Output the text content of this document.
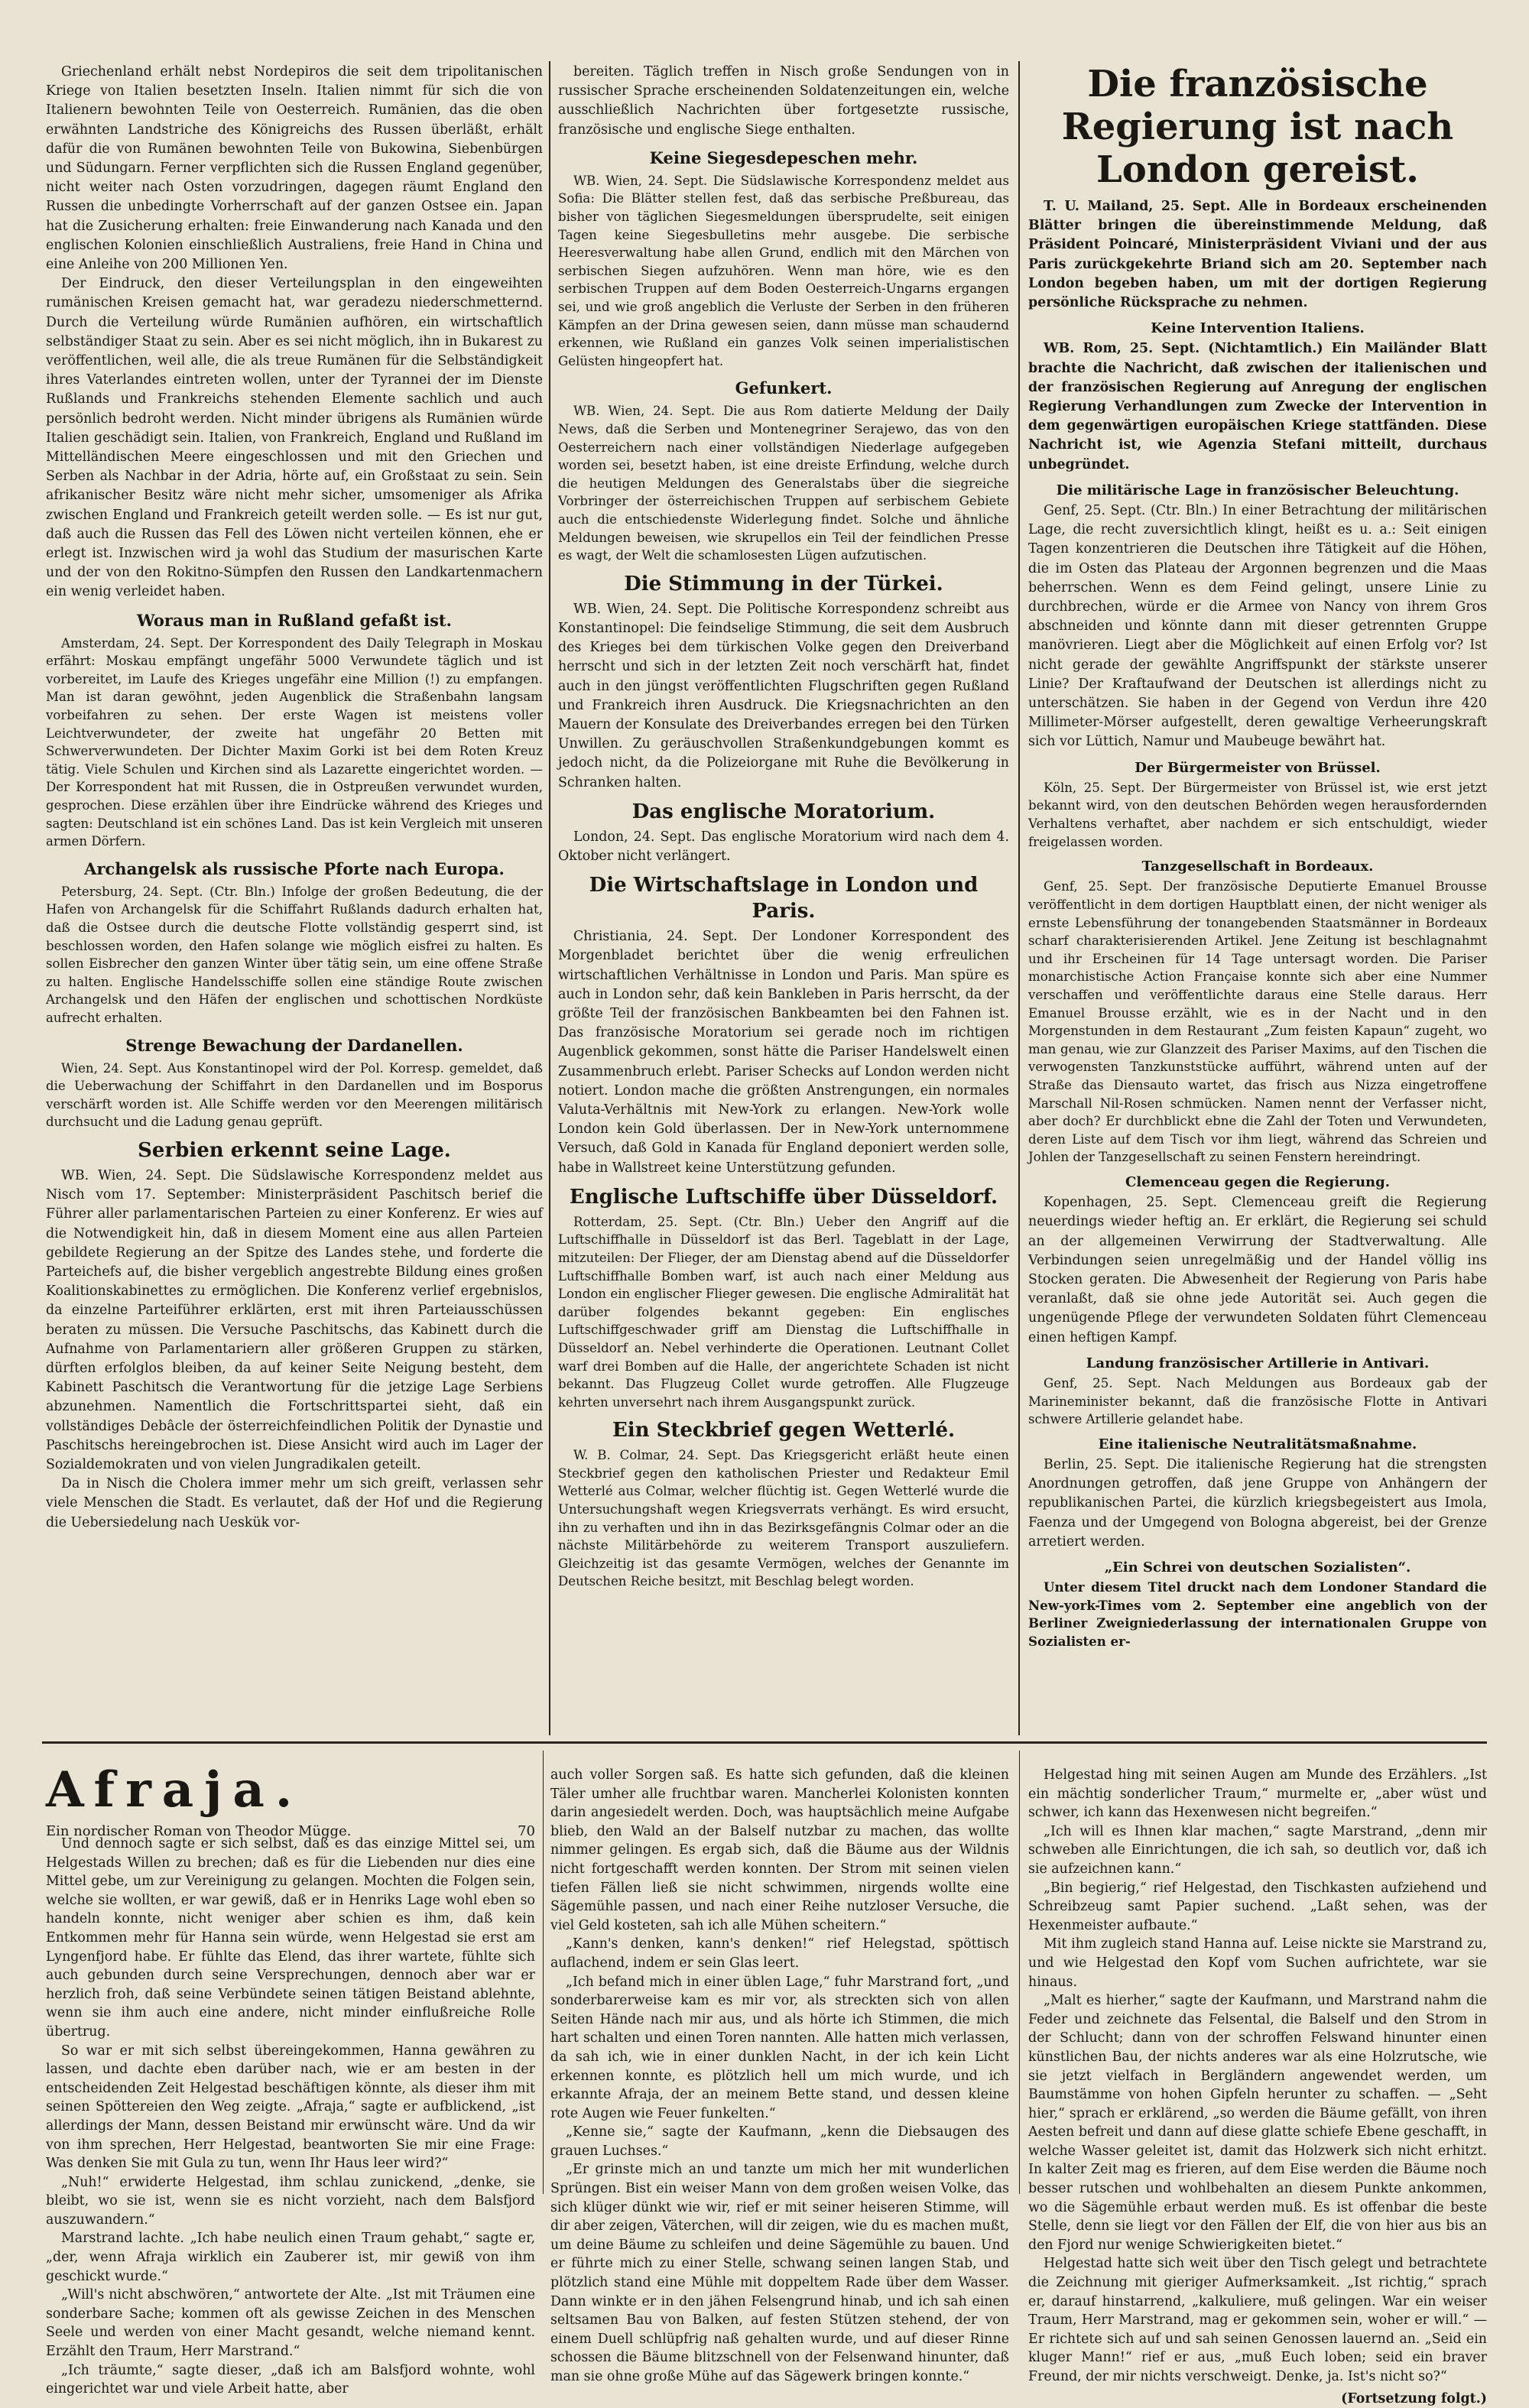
Griechenland erhält nebst Nordepiros die seit dem tripolitanischen Kriege von Italien besetzten Inseln. Italien nimmt für sich die von Italienern bewohnten Teile von Oesterreich. Rumänien, das die oben erwähnten Landstriche des Königreichs des Russen überläßt, erhält dafür die von Rumänen bewohnten Teile von Bukowina, Siebenbürgen und Südungarn. Ferner verpflichten sich die Russen England gegenüber, nicht weiter nach Osten vorzudringen, dagegen räumt England den Russen die unbedingte Vorherrschaft auf der ganzen Ostsee ein. Japan hat die Zusicherung erhalten: freie Einwanderung nach Kanada und den englischen Kolonien einschließlich Australiens, freie Hand in China und eine Anleihe von 200 Millionen Yen.

Der Eindruck, den dieser Verteilungsplan in den eingeweihten rumänischen Kreisen gemacht hat, war geradezu niederschmetternd. Durch die Verteilung würde Rumänien aufhören, ein wirtschaftlich selbständiger Staat zu sein. Aber es sei nicht möglich, ihn in Bukarest zu veröffentlichen, weil alle, die als treue Rumänen für die Selbständigkeit ihres Vaterlandes eintreten wollen, unter der Tyrannei der im Dienste Rußlands und Frankreichs stehenden Elemente sachlich und auch persönlich bedroht werden. Nicht minder übrigens als Rumänien würde Italien geschädigt sein. Italien, von Frankreich, England und Rußland im Mittelländischen Meere eingeschlossen und mit den Griechen und Serben als Nachbar in der Adria, hörte auf, ein Großstaat zu sein. Sein afrikanischer Besitz wäre nicht mehr sicher, umsomeniger als Afrika zwischen England und Frankreich geteilt werden solle. — Es ist nur gut, daß auch die Russen das Fell des Löwen nicht verteilen können, ehe er erlegt ist. Inzwischen wird ja wohl das Studium der masurischen Karte und der von den Rokitno-Sümpfen den Russen den Landkartenmachern ein wenig verleidet haben.

Woraus man in Rußland gefaßt ist.

Amsterdam, 24. Sept. Der Korrespondent des Daily Telegraph in Moskau erfährt: Moskau empfängt ungefähr 5000 Verwundete täglich und ist vorbereitet, im Laufe des Krieges ungefähr eine Million (!) zu empfangen. Man ist daran gewöhnt, jeden Augenblick die Straßenbahn langsam vorbeifahren zu sehen. Der erste Wagen ist meistens voller Leichtverwundeter, der zweite hat ungefähr 20 Betten mit Schwerverwundeten. Der Dichter Maxim Gorki ist bei dem Roten Kreuz tätig. Viele Schulen und Kirchen sind als Lazarette eingerichtet worden. — Der Korrespondent hat mit Russen, die in Ostpreußen verwundet wurden, gesprochen. Diese erzählen über ihre Eindrücke während des Krieges und sagten: Deutschland ist ein schönes Land. Das ist kein Vergleich mit unseren armen Dörfern.

Archangelsk als russische Pforte nach Europa.

Petersburg, 24. Sept. (Ctr. Bln.) Infolge der großen Bedeutung, die der Hafen von Archangelsk für die Schiffahrt Rußlands dadurch erhalten hat, daß die Ostsee durch die deutsche Flotte vollständig gesperrt sind, ist beschlossen worden, den Hafen solange wie möglich eisfrei zu halten. Es sollen Eisbrecher den ganzen Winter über tätig sein, um eine offene Straße zu halten. Englische Handelsschiffe sollen eine ständige Route zwischen Archangelsk und den Häfen der englischen und schottischen Nordküste aufrecht erhalten.

Strenge Bewachung der Dardanellen.

Wien, 24. Sept. Aus Konstantinopel wird der Pol. Korresp. gemeldet, daß die Ueberwachung der Schiffahrt in den Dardanellen und im Bosporus verschärft worden ist. Alle Schiffe werden vor den Meerengen militärisch durchsucht und die Ladung genau geprüft.

Serbien erkennt seine Lage.

WB. Wien, 24. Sept. Die Südslawische Korrespondenz meldet aus Nisch vom 17. September: Ministerpräsident Paschitsch berief die Führer aller parlamentarischen Parteien zu einer Konferenz. Er wies auf die Notwendigkeit hin, daß in diesem Moment eine aus allen Parteien gebildete Regierung an der Spitze des Landes stehe, und forderte die Parteichefs auf, die bisher vergeblich angestrebte Bildung eines großen Koalitionskabinettes zu ermöglichen. Die Konferenz verlief ergebnislos, da einzelne Parteiführer erklärten, erst mit ihren Parteiausschüssen beraten zu müssen. Die Versuche Paschitschs, das Kabinett durch die Aufnahme von Parlamentariern aller größeren Gruppen zu stärken, dürften erfolglos bleiben, da auf keiner Seite Neigung besteht, dem Kabinett Paschitsch die Verantwortung für die jetzige Lage Serbiens abzunehmen. Namentlich die Fortschrittspartei sieht, daß ein vollständiges Debâcle der österreichfeindlichen Politik der Dynastie und Paschitschs hereingebrochen ist. Diese Ansicht wird auch im Lager der Sozialdemokraten und von vielen Jungradikalen geteilt.

Da in Nisch die Cholera immer mehr um sich greift, verlassen sehr viele Menschen die Stadt. Es verlautet, daß der Hof und die Regierung die Uebersiedelung nach Ueskük vor-

bereiten. Täglich treffen in Nisch große Sendungen von in russischer Sprache erscheinenden Soldatenzeitungen ein, welche ausschließlich Nachrichten über fortgesetzte russische, französische und englische Siege enthalten.

Keine Siegesdepeschen mehr.

WB. Wien, 24. Sept. Die Südslawische Korrespondenz meldet aus Sofia: Die Blätter stellen fest, daß das serbische Preßbureau, das bisher von täglichen Siegesmeldungen übersprudelte, seit einigen Tagen keine Siegesbulletins mehr ausgebe. Die serbische Heeresverwaltung habe allen Grund, endlich mit den Märchen von serbischen Siegen aufzuhören. Wenn man höre, wie es den serbischen Truppen auf dem Boden Oesterreich-Ungarns ergangen sei, und wie groß angeblich die Verluste der Serben in den früheren Kämpfen an der Drina gewesen seien, dann müsse man schaudernd erkennen, wie Rußland ein ganzes Volk seinen imperialistischen Gelüsten hingeopfert hat.

Gefunkert.

WB. Wien, 24. Sept. Die aus Rom datierte Meldung der Daily News, daß die Serben und Montenegriner Serajewo, das von den Oesterreichern nach einer vollständigen Niederlage aufgegeben worden sei, besetzt haben, ist eine dreiste Erfindung, welche durch die heutigen Meldungen des Generalstabs über die siegreiche Vorbringer der österreichischen Truppen auf serbischem Gebiete auch die entschiedenste Widerlegung findet. Solche und ähnliche Meldungen beweisen, wie skrupellos ein Teil der feindlichen Presse es wagt, der Welt die schamlosesten Lügen aufzutischen.

Die Stimmung in der Türkei.

WB. Wien, 24. Sept. Die Politische Korrespondenz schreibt aus Konstantinopel: Die feindselige Stimmung, die seit dem Ausbruch des Krieges bei dem türkischen Volke gegen den Dreiverband herrscht und sich in der letzten Zeit noch verschärft hat, findet auch in den jüngst veröffentlichten Flugschriften gegen Rußland und Frankreich ihren Ausdruck. Die Kriegsnachrichten an den Mauern der Konsulate des Dreiverbandes erregen bei den Türken Unwillen. Zu geräuschvollen Straßenkundgebungen kommt es jedoch nicht, da die Polizeiorgane mit Ruhe die Bevölkerung in Schranken halten.

Das englische Moratorium.

London, 24. Sept. Das englische Moratorium wird nach dem 4. Oktober nicht verlängert.

Die Wirtschaftslage in London und Paris.

Christiania, 24. Sept. Der Londoner Korrespondent des Morgenbladet berichtet über die wenig erfreulichen wirtschaftlichen Verhältnisse in London und Paris. Man spüre es auch in London sehr, daß kein Bankleben in Paris herrscht, da der größte Teil der französischen Bankbeamten bei den Fahnen ist. Das französische Moratorium sei gerade noch im richtigen Augenblick gekommen, sonst hätte die Pariser Handelswelt einen Zusammenbruch erlebt. Pariser Schecks auf London werden nicht notiert. London mache die größten Anstrengungen, ein normales Valuta-Verhältnis mit New-York zu erlangen. New-York wolle London kein Gold überlassen. Der in New-York unternommene Versuch, daß Gold in Kanada für England deponiert werden solle, habe in Wallstreet keine Unterstützung gefunden.

Englische Luftschiffe über Düsseldorf.

Rotterdam, 25. Sept. (Ctr. Bln.) Ueber den Angriff auf die Luftschiffhalle in Düsseldorf ist das Berl. Tageblatt in der Lage, mitzuteilen: Der Flieger, der am Dienstag abend auf die Düsseldorfer Luftschiffhalle Bomben warf, ist auch nach einer Meldung aus London ein englischer Flieger gewesen. Die englische Admiralität hat darüber folgendes bekannt gegeben: Ein englisches Luftschiffgeschwader griff am Dienstag die Luftschiffhalle in Düsseldorf an. Nebel verhinderte die Operationen. Leutnant Collet warf drei Bomben auf die Halle, der angerichtete Schaden ist nicht bekannt. Das Flugzeug Collet wurde getroffen. Alle Flugzeuge kehrten unversehrt nach ihrem Ausgangspunkt zurück.

Ein Steckbrief gegen Wetterlé.

W. B. Colmar, 24. Sept. Das Kriegsgericht erläßt heute einen Steckbrief gegen den katholischen Priester und Redakteur Emil Wetterlé aus Colmar, welcher flüchtig ist. Gegen Wetterlé wurde die Untersuchungshaft wegen Kriegsverrats verhängt. Es wird ersucht, ihn zu verhaften und ihn in das Bezirksgefängnis Colmar oder an die nächste Militärbehörde zu weiterem Transport auszuliefern. Gleichzeitig ist das gesamte Vermögen, welches der Genannte im Deutschen Reiche besitzt, mit Beschlag belegt worden.

Die französische Regierung ist nach London gereist.

T. U. Mailand, 25. Sept. Alle in Bordeaux erscheinenden Blätter bringen die übereinstimmende Meldung, daß Präsident Poincaré, Ministerpräsident Viviani und der aus Paris zurückgekehrte Briand sich am 20. September nach London begeben haben, um mit der dortigen Regierung persönliche Rücksprache zu nehmen.

Keine Intervention Italiens.

WB. Rom, 25. Sept. (Nichtamtlich.) Ein Mailänder Blatt brachte die Nachricht, daß zwischen der italienischen und der französischen Regierung auf Anregung der englischen Regierung Verhandlungen zum Zwecke der Intervention in dem gegenwärtigen europäischen Kriege stattfänden. Diese Nachricht ist, wie Agenzia Stefani mitteilt, durchaus unbegründet.

Die militärische Lage in französischer Beleuchtung.

Genf, 25. Sept. (Ctr. Bln.) In einer Betrachtung der militärischen Lage, die recht zuversichtlich klingt, heißt es u. a.: Seit einigen Tagen konzentrieren die Deutschen ihre Tätigkeit auf die Höhen, die im Osten das Plateau der Argonnen begrenzen und die Maas beherrschen. Wenn es dem Feind gelingt, unsere Linie zu durchbrechen, würde er die Armee von Nancy von ihrem Gros abschneiden und könnte dann mit dieser getrennten Gruppe manövrieren. Liegt aber die Möglichkeit auf einen Erfolg vor? Ist nicht gerade der gewählte Angriffspunkt der stärkste unserer Linie? Der Kraftaufwand der Deutschen ist allerdings nicht zu unterschätzen. Sie haben in der Gegend von Verdun ihre 420 Millimeter-Mörser aufgestellt, deren gewaltige Verheerungskraft sich vor Lüttich, Namur und Maubeuge bewährt hat.

Der Bürgermeister von Brüssel.

Köln, 25. Sept. Der Bürgermeister von Brüssel ist, wie erst jetzt bekannt wird, von den deutschen Behörden wegen herausfordernden Verhaltens verhaftet, aber nachdem er sich entschuldigt, wieder freigelassen worden.

Tanzgesellschaft in Bordeaux.

Genf, 25. Sept. Der französische Deputierte Emanuel Brousse veröffentlicht in dem dortigen Hauptblatt einen, der nicht weniger als ernste Lebensführung der tonangebenden Staatsmänner in Bordeaux scharf charakterisierenden Artikel. Jene Zeitung ist beschlagnahmt und ihr Erscheinen für 14 Tage untersagt worden. Die Pariser monarchistische Action Française konnte sich aber eine Nummer verschaffen und veröffentlichte daraus eine Stelle daraus. Herr Emanuel Brousse erzählt, wie es in der Nacht und in den Morgenstunden in dem Restaurant „Zum feisten Kapaun“ zugeht, wo man genau, wie zur Glanzzeit des Pariser Maxims, auf den Tischen die verwogensten Tanzkunststücke aufführt, während unten auf der Straße das Diensauto wartet, das frisch aus Nizza eingetroffene Marschall Nil-Rosen schmücken. Namen nennt der Verfasser nicht, aber doch? Er durchblickt ebne die Zahl der Toten und Verwundeten, deren Liste auf dem Tisch vor ihm liegt, während das Schreien und Johlen der Tanzgesellschaft zu seinen Fenstern hereindringt.

Clemenceau gegen die Regierung.

Kopenhagen, 25. Sept. Clemenceau greift die Regierung neuerdings wieder heftig an. Er erklärt, die Regierung sei schuld an der allgemeinen Verwirrung der Stadtverwaltung. Alle Verbindungen seien unregelmäßig und der Handel völlig ins Stocken geraten. Die Abwesenheit der Regierung von Paris habe veranlaßt, daß sie ohne jede Autorität sei. Auch gegen die ungenügende Pflege der verwundeten Soldaten führt Clemenceau einen heftigen Kampf.

Landung französischer Artillerie in Antivari.

Genf, 25. Sept. Nach Meldungen aus Bordeaux gab der Marineminister bekannt, daß die französische Flotte in Antivari schwere Artillerie gelandet habe.

Eine italienische Neutralitätsmaßnahme.

Berlin, 25. Sept. Die italienische Regierung hat die strengsten Anordnungen getroffen, daß jene Gruppe von Anhängern der republikanischen Partei, die kürzlich kriegsbegeistert aus Imola, Faenza und der Umgegend von Bologna abgereist, bei der Grenze arretiert werden.

„Ein Schrei von deutschen Sozialisten“.

Unter diesem Titel druckt nach dem Londoner Standard die New-york-Times vom 2. September eine angeblich von der Berliner Zweigniederlassung der internationalen Gruppe von Sozialisten er-

Afraja.
Ein nordischer Roman von Theodor Mügge.	70

Und dennoch sagte er sich selbst, daß es das einzige Mittel sei, um Helgestads Willen zu brechen; daß es für die Liebenden nur dies eine Mittel gebe, um zur Vereinigung zu gelangen. Mochten die Folgen sein, welche sie wollten, er war gewiß, daß er in Henriks Lage wohl eben so handeln konnte, nicht weniger aber schien es ihm, daß kein Entkommen mehr für Hanna sein würde, wenn Helgestad sie erst am Lyngenfjord habe. Er fühlte das Elend, das ihrer wartete, fühlte sich auch gebunden durch seine Versprechungen, dennoch aber war er herzlich froh, daß seine Verbündete seinen tätigen Beistand ablehnte, wenn sie ihm auch eine andere, nicht minder einflußreiche Rolle übertrug.

So war er mit sich selbst übereingekommen, Hanna gewähren zu lassen, und dachte eben darüber nach, wie er am besten in der entscheidenden Zeit Helgestad beschäftigen könnte, als dieser ihm mit seinen Spöttereien den Weg zeigte. „Afraja,“ sagte er aufblickend, „ist allerdings der Mann, dessen Beistand mir erwünscht wäre. Und da wir von ihm sprechen, Herr Helgestad, beantworten Sie mir eine Frage: Was denken Sie mit Gula zu tun, wenn Ihr Haus leer wird?“

„Nuh!“ erwiderte Helgestad, ihm schlau zunickend, „denke, sie bleibt, wo sie ist, wenn sie es nicht vorzieht, nach dem Balsfjord auszuwandern.“

Marstrand lachte. „Ich habe neulich einen Traum gehabt,“ sagte er, „der, wenn Afraja wirklich ein Zauberer ist, mir gewiß von ihm geschickt wurde.“

„Will's nicht abschwören,“ antwortete der Alte. „Ist mit Träumen eine sonderbare Sache; kommen oft als gewisse Zeichen in des Menschen Seele und werden von einer Macht gesandt, welche niemand kennt. Erzählt den Traum, Herr Marstrand.“

„Ich träumte,“ sagte dieser, „daß ich am Balsfjord wohnte, wohl eingerichtet war und viele Arbeit hatte, aber

auch voller Sorgen saß. Es hatte sich gefunden, daß die kleinen Täler umher alle fruchtbar waren. Mancherlei Kolonisten konnten darin angesiedelt werden. Doch, was hauptsächlich meine Aufgabe blieb, den Wald an der Balself nutzbar zu machen, das wollte nimmer gelingen. Es ergab sich, daß die Bäume aus der Wildnis nicht fortgeschafft werden konnten. Der Strom mit seinen vielen tiefen Fällen ließ sie nicht schwimmen, nirgends wollte eine Sägemühle passen, und nach einer Reihe nutzloser Versuche, die viel Geld kosteten, sah ich alle Mühen scheitern.“

„Kann's denken, kann's denken!“ rief Helegstad, spöttisch auflachend, indem er sein Glas leert.

„Ich befand mich in einer üblen Lage,“ fuhr Marstrand fort, „und sonderbarerweise kam es mir vor, als streckten sich von allen Seiten Hände nach mir aus, und als hörte ich Stimmen, die mich hart schalten und einen Toren nannten. Alle hatten mich verlassen, da sah ich, wie in einer dunklen Nacht, in der ich kein Licht erkennen konnte, es plötzlich hell um mich wurde, und ich erkannte Afraja, der an meinem Bette stand, und dessen kleine rote Augen wie Feuer funkelten.“

„Kenne sie,“ sagte der Kaufmann, „kenn die Diebsaugen des grauen Luchses.“

„Er grinste mich an und tanzte um mich her mit wunderlichen Sprüngen. Bist ein weiser Mann von dem großen weisen Volke, das sich klüger dünkt wie wir, rief er mit seiner heiseren Stimme, will dir aber zeigen, Väterchen, will dir zeigen, wie du es machen mußt, um deine Bäume zu schleifen und deine Sägemühle zu bauen. Und er führte mich zu einer Stelle, schwang seinen langen Stab, und plötzlich stand eine Mühle mit doppeltem Rade über dem Wasser. Dann winkte er in den jähen Felsengrund hinab, und ich sah einen seltsamen Bau von Balken, auf festen Stützen stehend, der von einem Duell schlüpfrig naß gehalten wurde, und auf dieser Rinne schossen die Bäume blitzschnell von der Felsenwand hinunter, daß man sie ohne große Mühe auf das Sägewerk bringen konnte.“

Helgestad hing mit seinen Augen am Munde des Erzählers. „Ist ein mächtig sonderlicher Traum,“ murmelte er, „aber wüst und schwer, ich kann das Hexenwesen nicht begreifen.“

„Ich will es Ihnen klar machen,“ sagte Marstrand, „denn mir schweben alle Einrichtungen, die ich sah, so deutlich vor, daß ich sie aufzeichnen kann.“

„Bin begierig,“ rief Helgestad, den Tischkasten aufziehend und Schreibzeug samt Papier suchend. „Laßt sehen, was der Hexenmeister aufbaute.“

Mit ihm zugleich stand Hanna auf. Leise nickte sie Marstrand zu, und wie Helgestad den Kopf vom Suchen aufrichtete, war sie hinaus.

„Malt es hierher,“ sagte der Kaufmann, und Marstrand nahm die Feder und zeichnete das Felsental, die Balself und den Strom in der Schlucht; dann von der schroffen Felswand hinunter einen künstlichen Bau, der nichts anderes war als eine Holzrutsche, wie sie jetzt vielfach in Bergländern angewendet werden, um Baumstämme von hohen Gipfeln herunter zu schaffen. — „Seht hier,“ sprach er erklärend, „so werden die Bäume gefällt, von ihren Aesten befreit und dann auf diese glatte schiefe Ebene geschafft, in welche Wasser geleitet ist, damit das Holzwerk sich nicht erhitzt. In kalter Zeit mag es frieren, auf dem Eise werden die Bäume noch besser rutschen und wohlbehalten an diesem Punkte ankommen, wo die Sägemühle erbaut werden muß. Es ist offenbar die beste Stelle, denn sie liegt vor den Fällen der Elf, die von hier aus bis an den Fjord nur wenige Schwierigkeiten bietet.“

Helgestad hatte sich weit über den Tisch gelegt und betrachtete die Zeichnung mit gieriger Aufmerksamkeit. „Ist richtig,“ sprach er, darauf hinstarrend, „kalkuliere, muß gelingen. War ein weiser Traum, Herr Marstrand, mag er gekommen sein, woher er will.“ — Er richtete sich auf und sah seinen Genossen lauernd an. „Seid ein kluger Mann!“ rief er aus, „muß Euch loben; seid ein braver Freund, der mir nichts verschweigt. Denke, ja. Ist's nicht so?“

(Fortsetzung folgt.)
